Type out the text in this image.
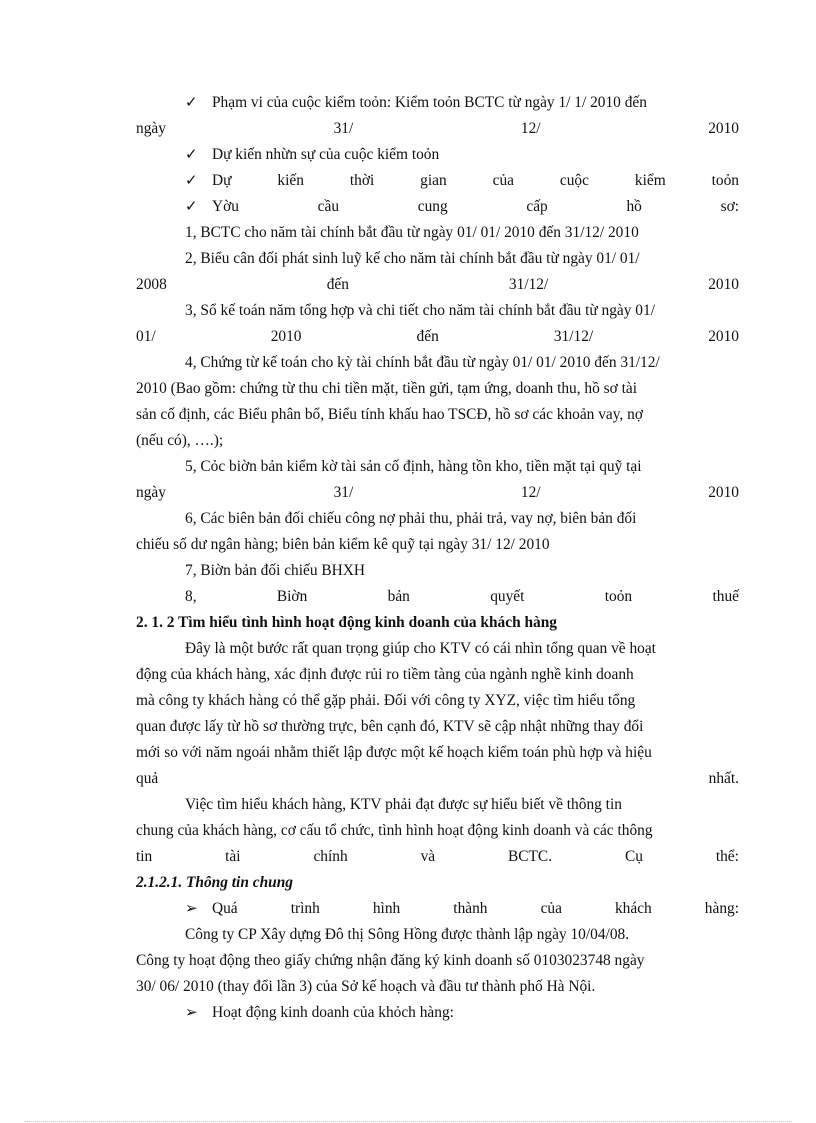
✓ Phạm vi của cuộc kiểm toỏn: Kiểm toỏn BCTC từ ngày 1/ 1/ 2010 đến
ngày	31/	12/	2010
✓ Dự kiến nhừn sự của cuộc kiểm toỏn
✓ Dự	kiến	thời	gian	của	cuộc	kiểm	toỏn
✓ Yờu	cầu	cung	cấp	hồ	sơ:
1, BCTC cho năm tài chính bắt đầu từ ngày 01/ 01/ 2010 đến 31/12/ 2010
2, Biểu cân đối phát sinh luỹ kế cho năm tài chính bắt đầu từ ngày 01/ 01/
2008	đến	31/12/	2010
3, Sổ kế toán năm tổng hợp và chi tiết cho năm tài chính bắt đầu từ ngày 01/
01/	2010	đến	31/12/	2010
4, Chứng từ kế toán cho kỳ tài chính bắt đầu từ ngày 01/ 01/ 2010 đến 31/12/
2010 (Bao gồm: chứng từ thu chi tiền mặt, tiền gửi, tạm ứng, doanh thu, hồ sơ tài
sản cố định, các Biểu phân bổ, Biểu tính khấu hao TSCĐ, hồ sơ các khoản vay, nợ
(nếu có), ….);
5, Cỏc biờn bản kiểm kờ tài sản cố định, hàng tồn kho, tiền mặt tại quỹ tại
ngày	31/	12/	2010
6, Các biên bản đối chiếu công nợ phải thu, phải trả, vay nợ, biên bản đối
chiếu số dư ngân hàng; biên bản kiểm kê quỹ tại ngày 31/ 12/ 2010
7, Biờn bản đối chiếu BHXH
8,	Biờn	bản	quyết	toỏn	thuế
2. 1. 2 Tìm hiểu tình hình hoạt động kinh doanh của khách hàng
Đây là một bước rất quan trọng giúp cho KTV có cái nhìn tổng quan về hoạt
động của khách hàng, xác định được rủi ro tiềm tàng của ngành nghề kinh doanh
mà công ty khách hàng có thể gặp phải. Đối với công ty XYZ, việc tìm hiểu tổng
quan được lấy từ hồ sơ thường trực, bên cạnh đó, KTV sẽ cập nhật những thay đổi
mới so với năm ngoái nhằm thiết lập được một kế hoạch kiểm toán phù hợp và hiệu
quả	nhất.
Việc tìm hiểu khách hàng, KTV phải đạt được sự hiểu biết về thông tin
chung của khách hàng, cơ cấu tổ chức, tình hình hoạt động kinh doanh và các thông
tin	tài	chính	và	BCTC.	Cụ	thể:
2.1.2.1. Thông tin chung
➢ Quá	trình	hình	thành	của	khách	hàng:
Công ty CP Xây dựng Đô thị Sông Hồng được thành lập ngày 10/04/08.
Công ty hoạt động theo giấy chứng nhận đăng ký kinh doanh số 0103023748 ngày
30/ 06/ 2010 (thay đổi lần 3) của Sở kế hoạch và đầu tư thành phố Hà Nội.
➢ Hoạt động kinh doanh của khỏch hàng:
